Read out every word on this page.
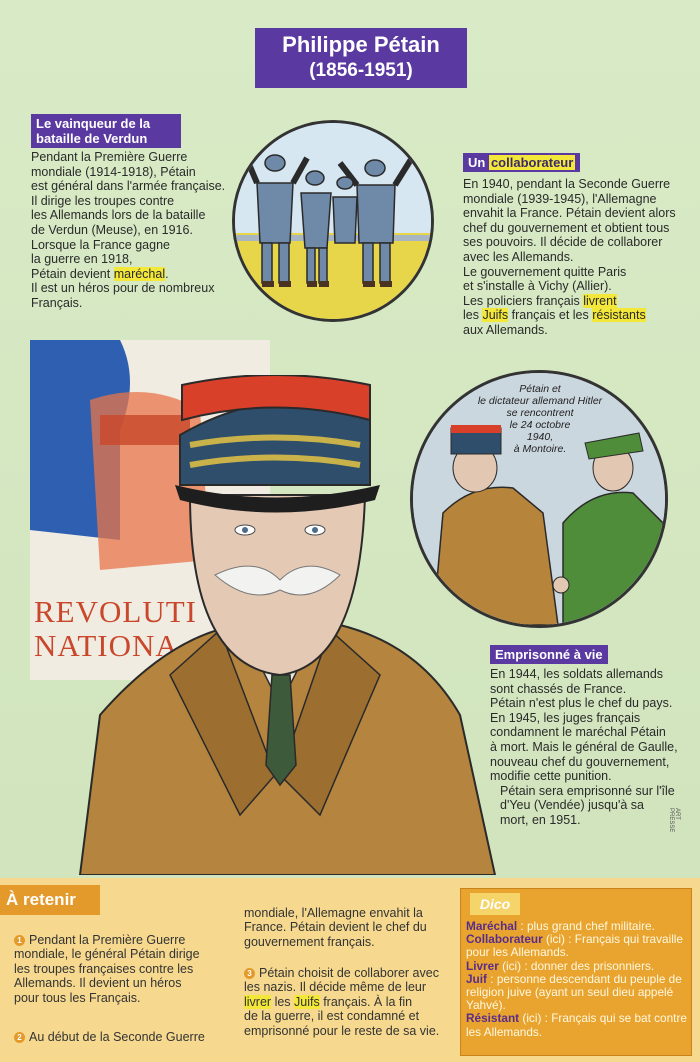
Philippe Pétain
(1856-1951)
Le vainqueur de la bataille de Verdun
Pendant la Première Guerre
mondiale (1914-1918), Pétain
est général dans l'armée française.
Il dirige les troupes contre
les Allemands lors de la bataille
de Verdun (Meuse), en 1916.
Lorsque la France gagne
la guerre en 1918,
Pétain devient maréchal.
Il est un héros pour de nombreux
Français.
Un collaborateur
En 1940, pendant la Seconde Guerre
mondiale (1939-1945), l'Allemagne
envahit la France. Pétain devient alors
chef du gouvernement et obtient tous
ses pouvoirs. Il décide de collaborer
avec les Allemands.
Le gouvernement quitte Paris
et s'installe à Vichy (Allier).
Les policiers français livrent
les Juifs français et les résistants
aux Allemands.
REVOLUTI
NATIONA
Pétain et
le dictateur allemand Hitler
se rencontrent
le 24 octobre
1940,
à Montoire.
Emprisonné à vie
En 1944, les soldats allemands
sont chassés de France.
Pétain n'est plus le chef du pays.
En 1945, les juges français
condamnent le maréchal Pétain
à mort. Mais le général de Gaulle,
nouveau chef du gouvernement,
modifie cette punition.
Pétain sera emprisonné sur l'île
d'Yeu (Vendée) jusqu'à sa
mort, en 1951.	ART PRESSE
À retenir
1 Pendant la Première Guerre
mondiale, le général Pétain dirige
les troupes françaises contre les
Allemands. Il devient un héros
pour tous les Français.
2 Au début de la Seconde Guerre
mondiale, l'Allemagne envahit la
France. Pétain devient le chef du
gouvernement français.
3 Pétain choisit de collaborer avec
les nazis. Il décide même de leur
livrer les Juifs français. À la fin
de la guerre, il est condamné et
emprisonné pour le reste de sa vie.
Dico
Maréchal : plus grand chef militaire.
Collaborateur (ici) : Français qui travaille pour les Allemands.
Livrer (ici) : donner des prisonniers.
Juif : personne descendant du peuple de religion juive (ayant un seul dieu appelé Yahvé).
Résistant (ici) : Français qui se bat contre les Allemands.
